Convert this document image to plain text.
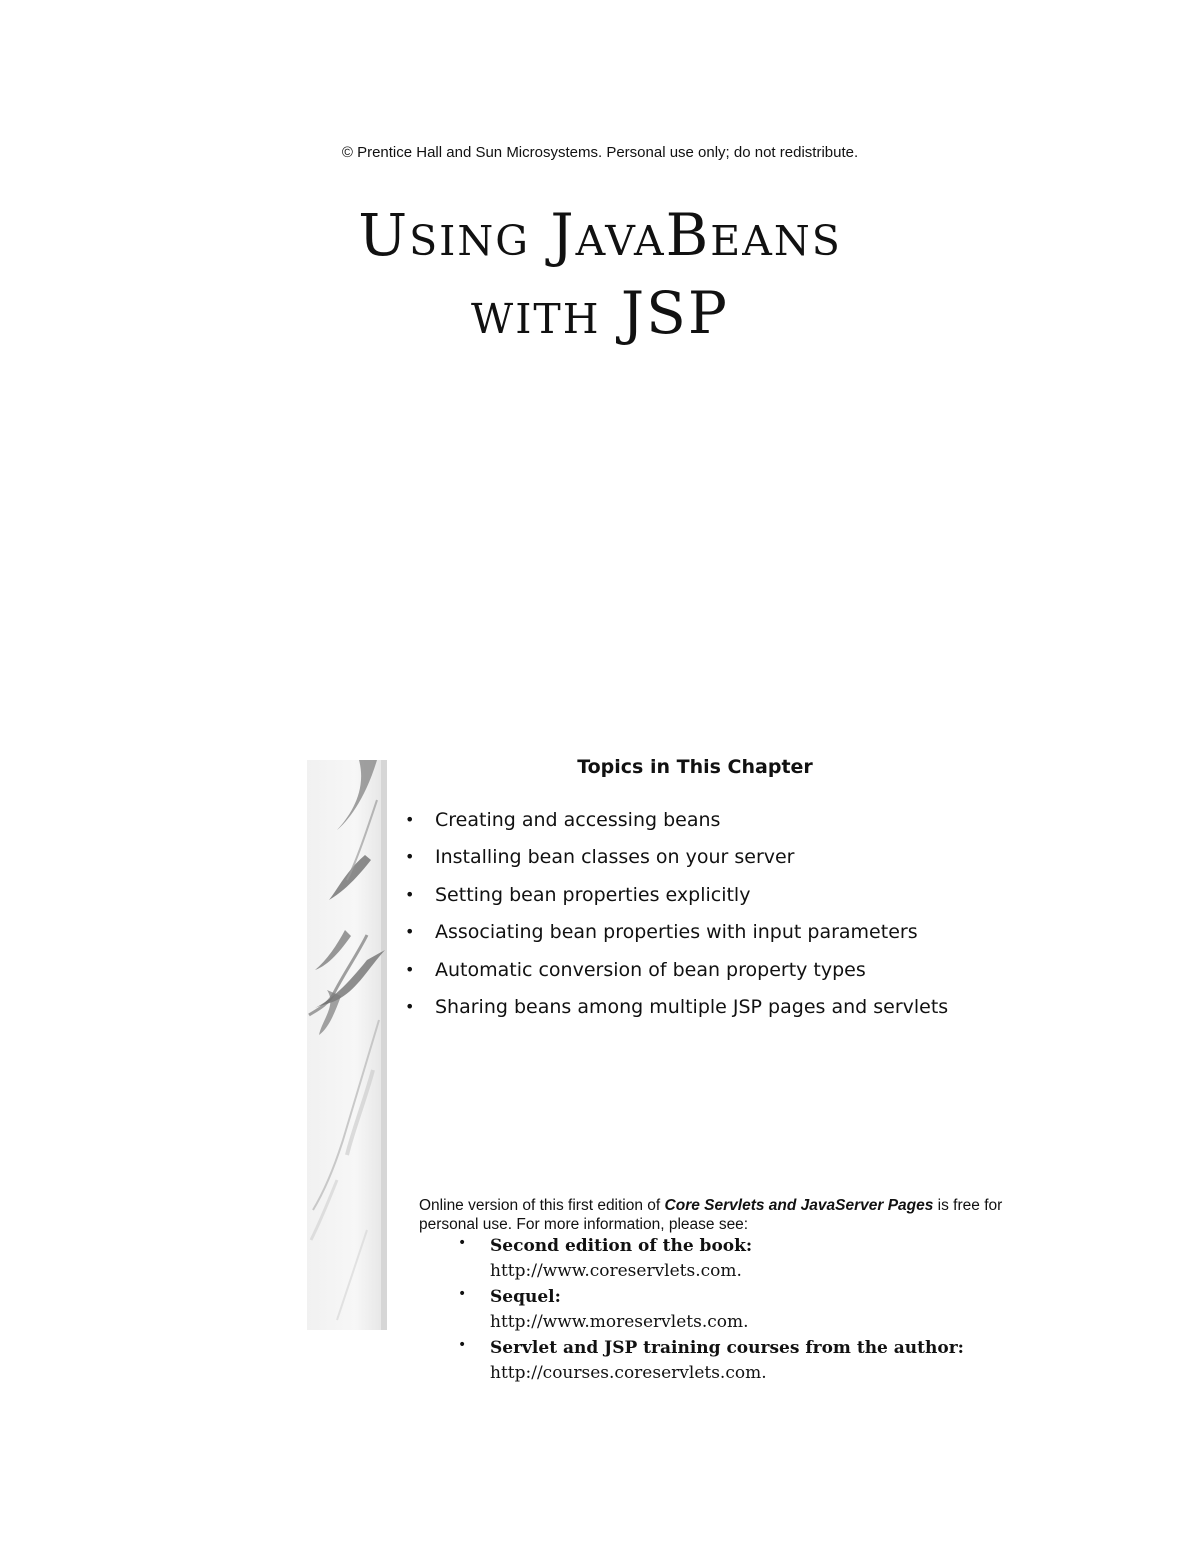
© Prentice Hall and Sun Microsystems. Personal use only; do not redistribute.
Using JavaBeans
with JSP
Topics in This Chapter
• Creating and accessing beans
• Installing bean classes on your server
• Setting bean properties explicitly
• Associating bean properties with input parameters
• Automatic conversion of bean property types
• Sharing beans among multiple JSP pages and servlets
Online version of this first edition of Core Servlets and JavaServer Pages is free for personal use. For more information, please see:
• Second edition of the book:
http://www.coreservlets.com.
• Sequel:
http://www.moreservlets.com.
• Servlet and JSP training courses from the author:
http://courses.coreservlets.com.
